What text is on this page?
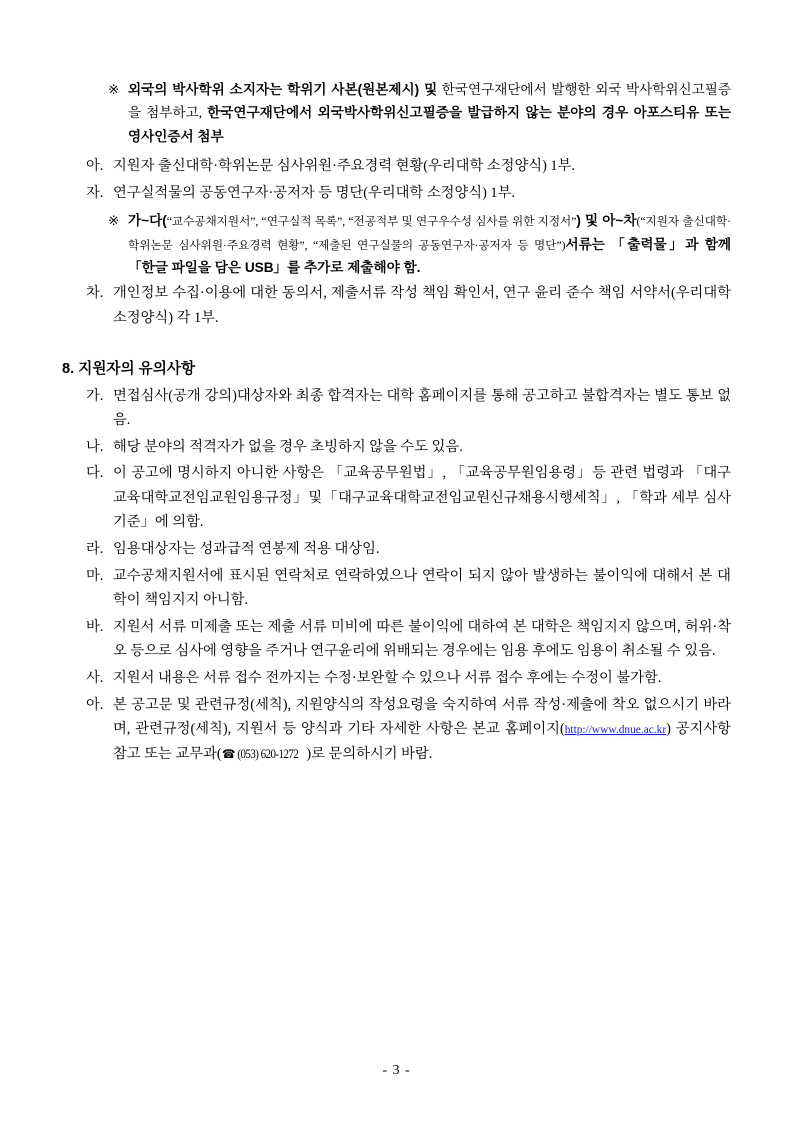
※ 외국의 박사학위 소지자는 학위기 사본(원본제시) 및 한국연구재단에서 발행한 외국 박사학위신고필증을 첨부하고, 한국연구재단에서 외국박사학위신고필증을 발급하지 않는 분야의 경우 아포스티유 또는 영사인증서 첨부
아. 지원자 출신대학·학위논문 심사위원·주요경력 현황(우리대학 소정양식) 1부.
자. 연구실적물의 공동연구자·공저자 등 명단(우리대학 소정양식) 1부.
※ 가~다(“교수공채지원서”, “연구실적 목록”, “전공적부 및 연구우수성 심사를 위한 지정서”) 및 아~차(“지원자 출신대학·학위논문 심사위원·주요경력 현황”, “제출된 연구실물의 공동연구자·공저자 등 명단”)서류는 「출력물」과 함께 「한글 파일을 담은 USB」를 추가로 제출해야 함.
차. 개인정보 수집·이용에 대한 동의서, 제출서류 작성 책임 확인서, 연구 윤리 준수 책임 서약서(우리대학 소정양식) 각 1부.
8. 지원자의 유의사항
가. 면접심사(공개 강의)대상자와 최종 합격자는 대학 홈페이지를 통해 공고하고 불합격자는 별도 통보 없음.
나. 해당 분야의 적격자가 없을 경우 초빙하지 않을 수도 있음.
다. 이 공고에 명시하지 아니한 사항은 「교육공무원법」, 「교육공무원임용령」등 관련 법령과 「대구교육대학교전임교원임용규정」및「대구교육대학교전임교원신규채용시행세칙」, 「학과 세부 심사기준」에 의함.
라. 임용대상자는 성과급적 연봉제 적용 대상임.
마. 교수공채지원서에 표시된 연락처로 연락하였으나 연락이 되지 않아 발생하는 불이익에 대해서 본 대학이 책임지지 아니함.
바. 지원서 서류 미제출 또는 제출 서류 미비에 따른 불이익에 대하여 본 대학은 책임지지 않으며, 허위·착오 등으로 심사에 영향을 주거나 연구윤리에 위배되는 경우에는 임용 후에도 임용이 취소될 수 있음.
사. 지원서 내용은 서류 접수 전까지는 수정·보완할 수 있으나 서류 접수 후에는 수정이 불가함.
아. 본 공고문 및 관련규정(세칙), 지원양식의 작성요령을 숙지하여 서류 작성·제출에 착오 없으시기 바라며, 관련규정(세칙), 지원서 등 양식과 기타 자세한 사항은 본교 홈페이지(http://www.dnue.ac.kr) 공지사항 참고 또는 교무과(☎ (053) 620-1272 )로 문의하시기 바람.
- 3 -
